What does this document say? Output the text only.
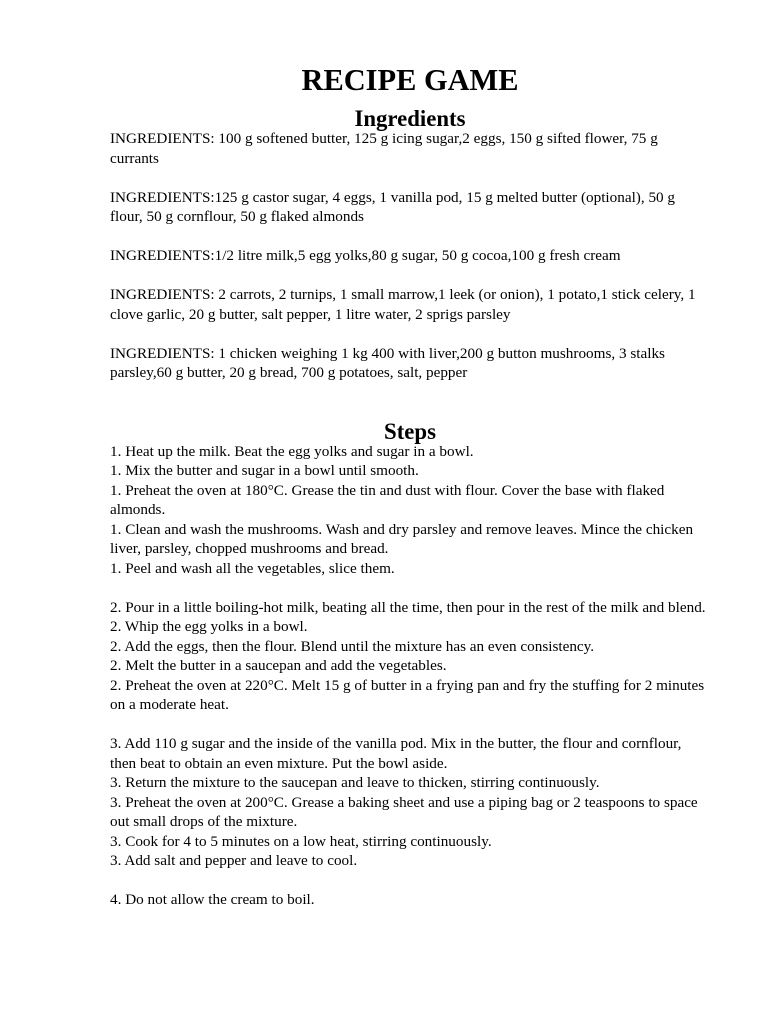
RECIPE GAME
Ingredients

INGREDIENTS: 100 g softened butter, 125 g icing sugar,2 eggs, 150 g sifted flower, 75 g currants

INGREDIENTS:125 g castor sugar, 4 eggs, 1 vanilla pod, 15 g melted butter (optional), 50 g flour, 50 g cornflour, 50 g flaked almonds

INGREDIENTS:1/2 litre milk,5 egg yolks,80 g sugar, 50 g cocoa,100 g fresh cream

INGREDIENTS: 2 carrots, 2 turnips, 1 small marrow,1 leek (or onion), 1 potato,1 stick celery, 1 clove garlic, 20 g butter, salt pepper, 1 litre water, 2 sprigs parsley

INGREDIENTS: 1 chicken weighing 1 kg 400 with liver,200 g button mushrooms, 3 stalks parsley,60 g butter, 20 g bread, 700 g potatoes, salt, pepper

Steps

1. Heat up the milk. Beat the egg yolks and sugar in a bowl.

1. Mix the butter and sugar in a bowl until smooth.

1. Preheat the oven at 180°C. Grease the tin and dust with flour. Cover the base with flaked almonds.

1. Clean and wash the mushrooms. Wash and dry parsley and remove leaves. Mince the chicken liver, parsley, chopped mushrooms and bread.

1. Peel and wash all the vegetables, slice them.

2. Pour in a little boiling-hot milk, beating all the time, then pour in the rest of the milk and blend.

2. Whip the egg yolks in a bowl.

2. Add the eggs, then the flour. Blend until the mixture has an even consistency.

2. Melt the butter in a saucepan and add the vegetables.

2. Preheat the oven at 220°C. Melt 15 g of butter in a frying pan and fry the stuffing for 2 minutes on a moderate heat.

3. Add 110 g sugar and the inside of the vanilla pod. Mix in the butter, the flour and cornflour, then beat to obtain an even mixture. Put the bowl aside.

3. Return the mixture to the saucepan and leave to thicken, stirring continuously.

3. Preheat the oven at 200°C. Grease a baking sheet and use a piping bag or 2 teaspoons to space out small drops of the mixture.

3. Cook for 4 to 5 minutes on a low heat, stirring continuously.

3. Add salt and pepper and leave to cool.

4. Do not allow the cream to boil.
